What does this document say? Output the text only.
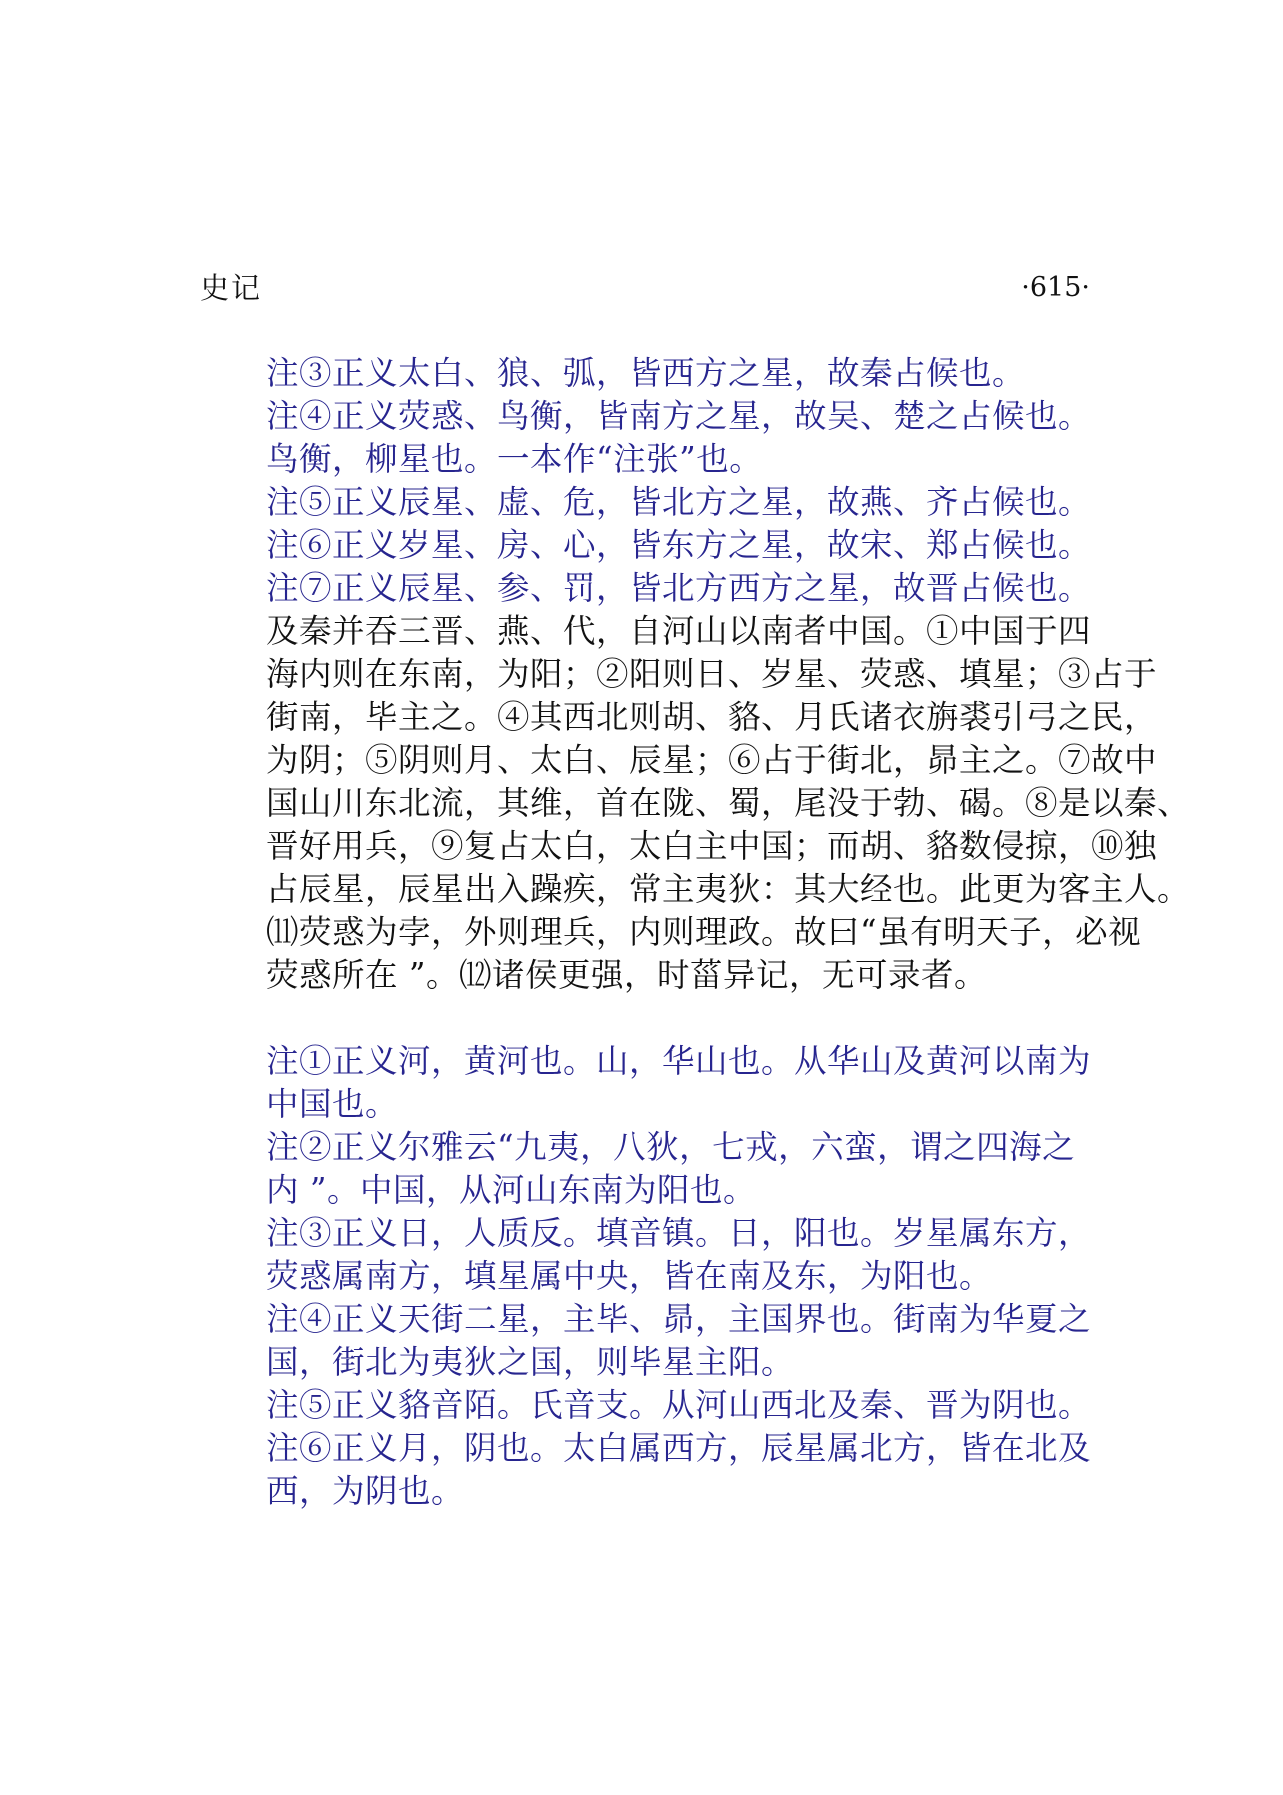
史记	·615·

注③正义太白、狼、弧，皆西方之星，故秦占候也。

注④正义荧惑、鸟衡，皆南方之星，故吴、楚之占候也。
鸟衡，柳星也。一本作“注张”也。

注⑤正义辰星、虚、危，皆北方之星，故燕、齐占候也。

注⑥正义岁星、房、心，皆东方之星，故宋、郑占候也。

注⑦正义辰星、参、罚，皆北方西方之星，故晋占候也。

及秦并吞三晋、燕、代，自河山以南者中国。①中国于四
海内则在东南，为阳；②阳则日、岁星、荧惑、填星；③占于
街南，毕主之。④其西北则胡、貉、月氏诸衣旃裘引弓之民，
为阴；⑤阴则月、太白、辰星；⑥占于街北，昴主之。⑦故中
国山川东北流，其维，首在陇、蜀，尾没于勃、碣。⑧是以秦、
晋好用兵，⑨复占太白，太白主中国；而胡、貉数侵掠，⑩独
占辰星，辰星出入躁疾，常主夷狄：其大经也。此更为客主人。
⑾荧惑为孛，外则理兵，内则理政。故曰“虽有明天子，必视
荧惑所在 ”。⑿诸侯更强，时菑异记，无可录者。

注①正义河，黄河也。山，华山也。从华山及黄河以南为
中国也。

注②正义尔雅云“九夷，八狄，七戎，六蛮，谓之四海之
内 ”。中国，从河山东南为阳也。

注③正义日，人质反。填音镇。日，阳也。岁星属东方，
荧惑属南方，填星属中央，皆在南及东，为阳也。

注④正义天街二星，主毕、昴，主国界也。街南为华夏之
国，街北为夷狄之国，则毕星主阳。

注⑤正义貉音陌。氏音支。从河山西北及秦、晋为阴也。

注⑥正义月，阴也。太白属西方，辰星属北方，皆在北及
西，为阴也。
